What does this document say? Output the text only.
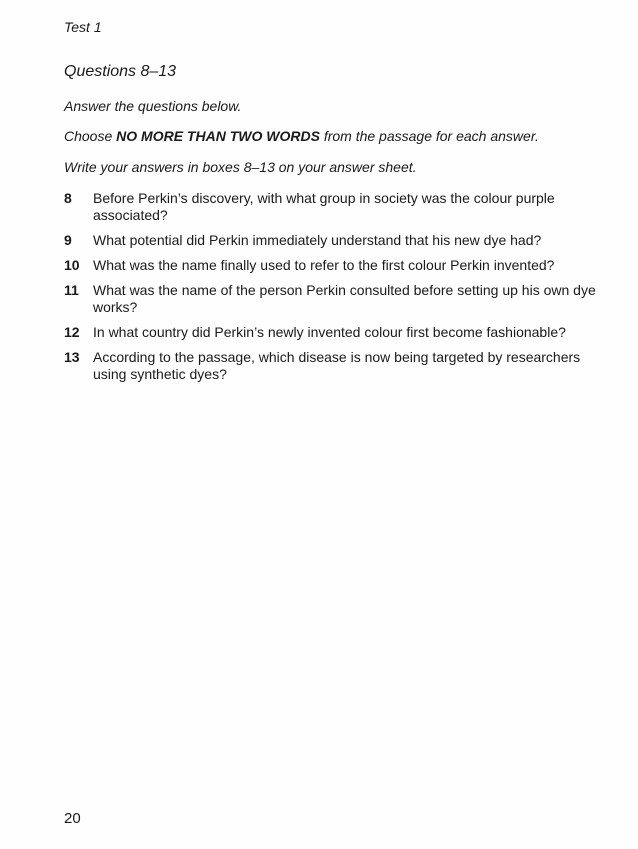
Test 1
Questions 8–13
Answer the questions below.
Choose NO MORE THAN TWO WORDS from the passage for each answer.
Write your answers in boxes 8–13 on your answer sheet.
8 Before Perkin’s discovery, with what group in society was the colour purple associated?
9 What potential did Perkin immediately understand that his new dye had?
10 What was the name finally used to refer to the first colour Perkin invented?
11 What was the name of the person Perkin consulted before setting up his own dye works?
12 In what country did Perkin’s newly invented colour first become fashionable?
13 According to the passage, which disease is now being targeted by researchers using synthetic dyes?
20
